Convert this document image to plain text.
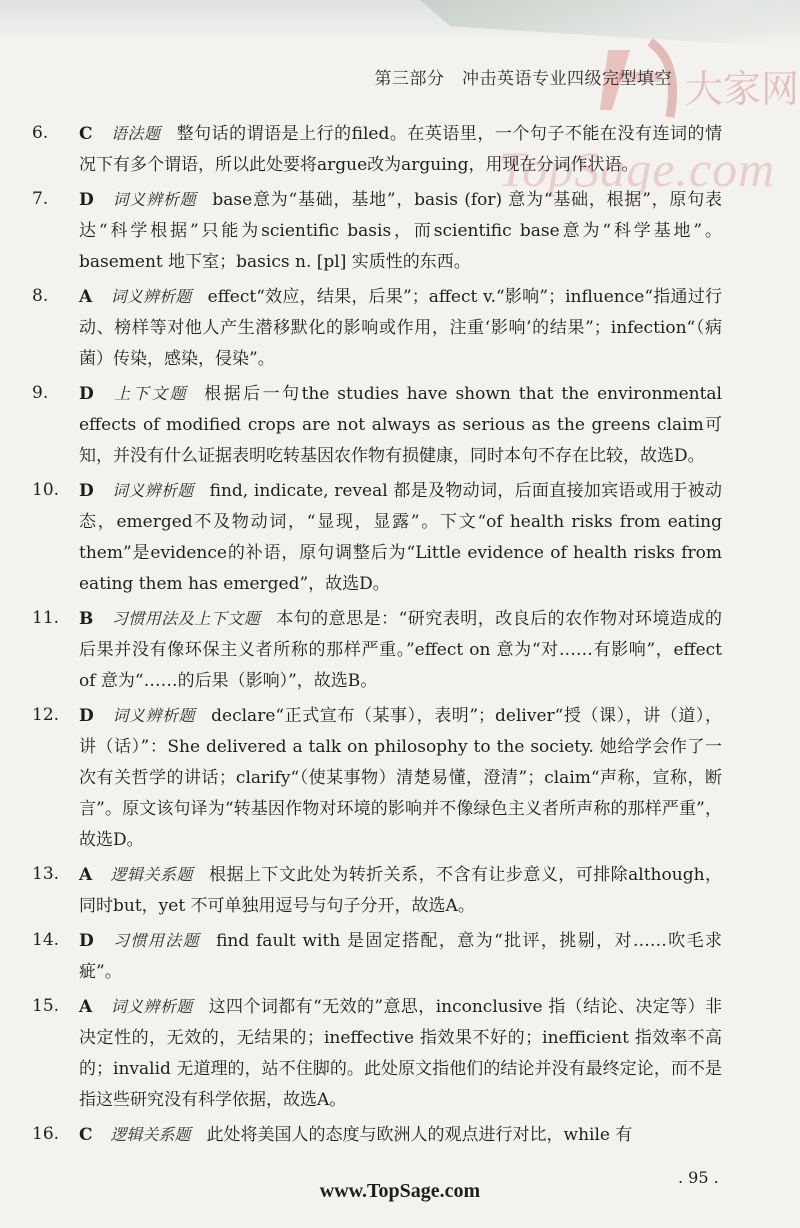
大家网
第三部分　冲击英语专业四级完型填空
TopSage.com
6.	C 语法题 整句话的谓语是上行的filed。在英语里，一个句子不能在没有连词的情况下有多个谓语，所以此处要将argue改为arguing，用现在分词作状语。
7.	D 词义辨析题 base意为“基础，基地”，basis (for) 意为“基础，根据”，原句表达“科学根据”只能为scientific basis，而scientific base意为“科学基地”。basement 地下室；basics n. [pl] 实质性的东西。
8.	A 词义辨析题 effect“效应，结果，后果”；affect v.“影响”；influence“指通过行动、榜样等对他人产生潜移默化的影响或作用，注重‘影响’的结果”；infection“（病菌）传染，感染，侵染”。
9.	D 上下文题 根据后一句the studies have shown that the environmental effects of modified crops are not always as serious as the greens claim可知，并没有什么证据表明吃转基因农作物有损健康，同时本句不存在比较，故选D。
10.	D 词义辨析题 find, indicate, reveal 都是及物动词，后面直接加宾语或用于被动态，emerged不及物动词，“显现，显露”。下文“of health risks from eating them”是evidence的补语，原句调整后为“Little evidence of health risks from eating them has emerged”，故选D。
11.	B 习惯用法及上下文题 本句的意思是：“研究表明，改良后的农作物对环境造成的后果并没有像环保主义者所称的那样严重。”effect on 意为“对……有影响”，effect of 意为“……的后果（影响）”，故选B。
12.	D 词义辨析题 declare“正式宣布（某事），表明”；deliver“授（课），讲（道），讲（话）”：She delivered a talk on philosophy to the society. 她给学会作了一次有关哲学的讲话；clarify“（使某事物）清楚易懂，澄清”；claim“声称，宣称，断言”。原文该句译为“转基因作物对环境的影响并不像绿色主义者所声称的那样严重”，故选D。
13.	A 逻辑关系题 根据上下文此处为转折关系，不含有让步意义，可排除although，同时but，yet 不可单独用逗号与句子分开，故选A。
14.	D 习惯用法题 find fault with 是固定搭配，意为“批评，挑剔，对……吹毛求疵”。
15.	A 词义辨析题 这四个词都有“无效的”意思，inconclusive 指（结论、决定等）非决定性的，无效的，无结果的；ineffective 指效果不好的；inefficient 指效率不高的；invalid 无道理的，站不住脚的。此处原文指他们的结论并没有最终定论，而不是指这些研究没有科学依据，故选A。
16.	C 逻辑关系题 此处将美国人的态度与欧洲人的观点进行对比，while 有
. 95 .
www.TopSage.com
